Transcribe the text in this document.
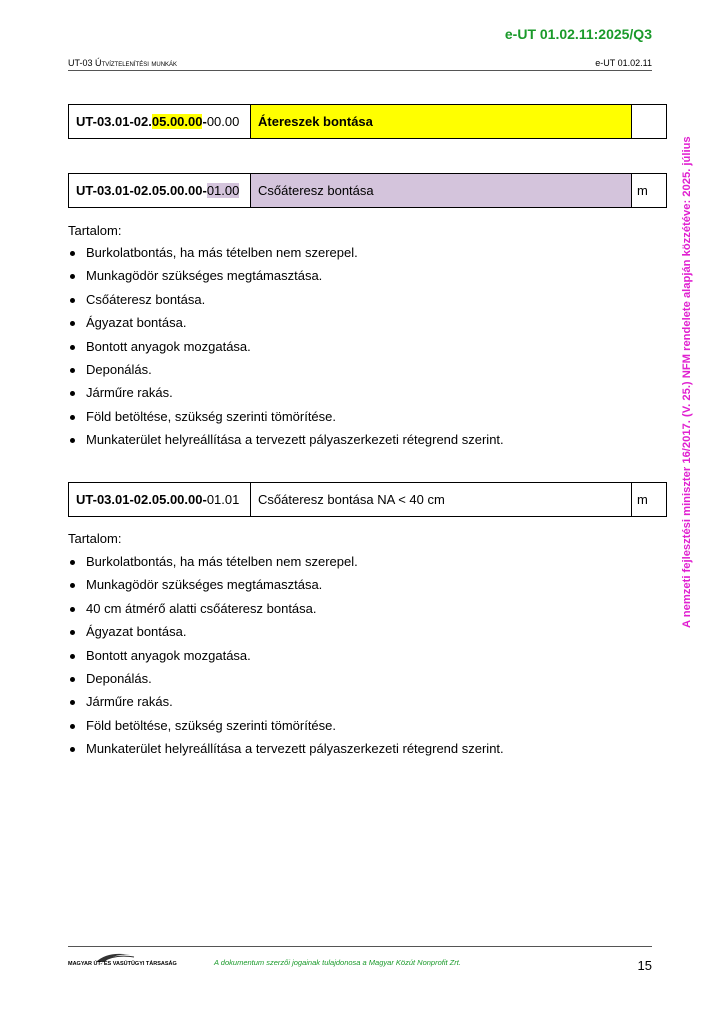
e-UT 01.02.11:2025/Q3
UT-03 Útvíztelenítési munkák	e-UT 01.02.11
UT-03.01-02. 05.00.00 - 00.00	Átereszek bontása
UT-03.01-02.05.00.00- 01.00	Csőáteresz bontása	m
Tartalom:
Burkolatbontás, ha más tételben nem szerepel.
Munkagödör szükséges megtámasztása.
Csőáteresz bontása.
Ágyazat bontása.
Bontott anyagok mozgatása.
Deponálás.
Járműre rakás.
Föld betöltése, szükség szerinti tömörítése.
Munkaterület helyreállítása a tervezett pályaszerkezeti rétegrend szerint.
UT-03.01-02.05.00.00- 01.01	Csőáteresz bontása NA < 40 cm	m
Tartalom:
Burkolatbontás, ha más tételben nem szerepel.
Munkagödör szükséges megtámasztása.
40 cm átmérő alatti csőáteresz bontása.
Ágyazat bontása.
Bontott anyagok mozgatása.
Deponálás.
Járműre rakás.
Föld betöltése, szükség szerinti tömörítése.
Munkaterület helyreállítása a tervezett pályaszerkezeti rétegrend szerint.
A nemzeti fejlesztési miniszter 16/2017. (V. 25.) NFM rendelete alapján közzétéve: 2025. július
MAGYAR ÚT- ÉS VASÚTÜGYI TÁRSASÁG	A dokumentum szerzői jogainak tulajdonosa a Magyar Közút Nonprofit Zrt.	15
